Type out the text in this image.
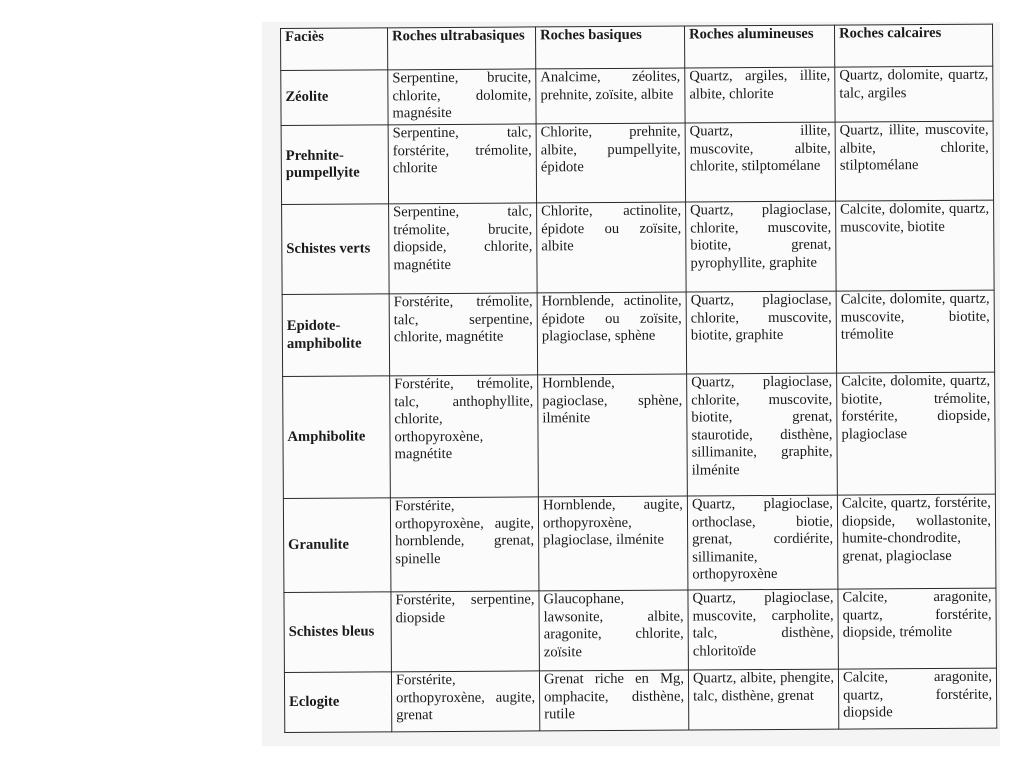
Faciès	Roches ultrabasiques	Roches basiques	Roches alumineuses	Roches calcaires
Zéolite	Serpentine, brucite, chlorite, dolomite, magnésite	Analcime, zéolites, prehnite, zoïsite, albite	Quartz, argiles, illite, albite, chlorite	Quartz, dolomite, quartz, talc, argiles
Prehnite- pumpellyite	Serpentine, talc, forstérite, trémolite, chlorite	Chlorite, prehnite, albite, pumpellyite, épidote	Quartz, illite, muscovite, albite, chlorite, stilptomélane	Quartz, illite, muscovite, albite, chlorite, stilptomélane
Schistes verts	Serpentine, talc, trémolite, brucite, diopside, chlorite, magnétite	Chlorite, actinolite, épidote ou zoïsite, albite	Quartz, plagioclase, chlorite, muscovite, biotite, grenat, pyrophyllite, graphite	Calcite, dolomite, quartz, muscovite, biotite
Epidote- amphibolite	Forstérite, trémolite, talc, serpentine, chlorite, magnétite	Hornblende, actinolite, épidote ou zoïsite, plagioclase, sphène	Quartz, plagioclase, chlorite, muscovite, biotite, graphite	Calcite, dolomite, quartz, muscovite, biotite, trémolite
Amphibolite	Forstérite, trémolite, talc, anthophyllite, chlorite, orthopyroxène, magnétite	Hornblende, pagioclase, sphène, ilménite	Quartz, plagioclase, chlorite, muscovite, biotite, grenat, staurotide, disthène, sillimanite, graphite, ilménite	Calcite, dolomite, quartz, biotite, trémolite, forstérite, diopside, plagioclase
Granulite	Forstérite, orthopyroxène, augite, hornblende, grenat, spinelle	Hornblende, augite, orthopyroxène, plagioclase, ilménite	Quartz, plagioclase, orthoclase, biotie, grenat, cordiérite, sillimanite, orthopyroxène	Calcite, quartz, forstérite, diopside, wollastonite, humite-chondrodite, grenat, plagioclase
Schistes bleus	Forstérite, serpentine, diopside	Glaucophane, lawsonite, albite, aragonite, chlorite, zoïsite	Quartz, plagioclase, muscovite, carpholite, talc, disthène, chloritoïde	Calcite, aragonite, quartz, forstérite, diopside, trémolite
Eclogite	Forstérite, orthopyroxène, augite, grenat	Grenat riche en Mg, omphacite, disthène, rutile	Quartz, albite, phengite, talc, disthène, grenat	Calcite, aragonite, quartz, forstérite, diopside
